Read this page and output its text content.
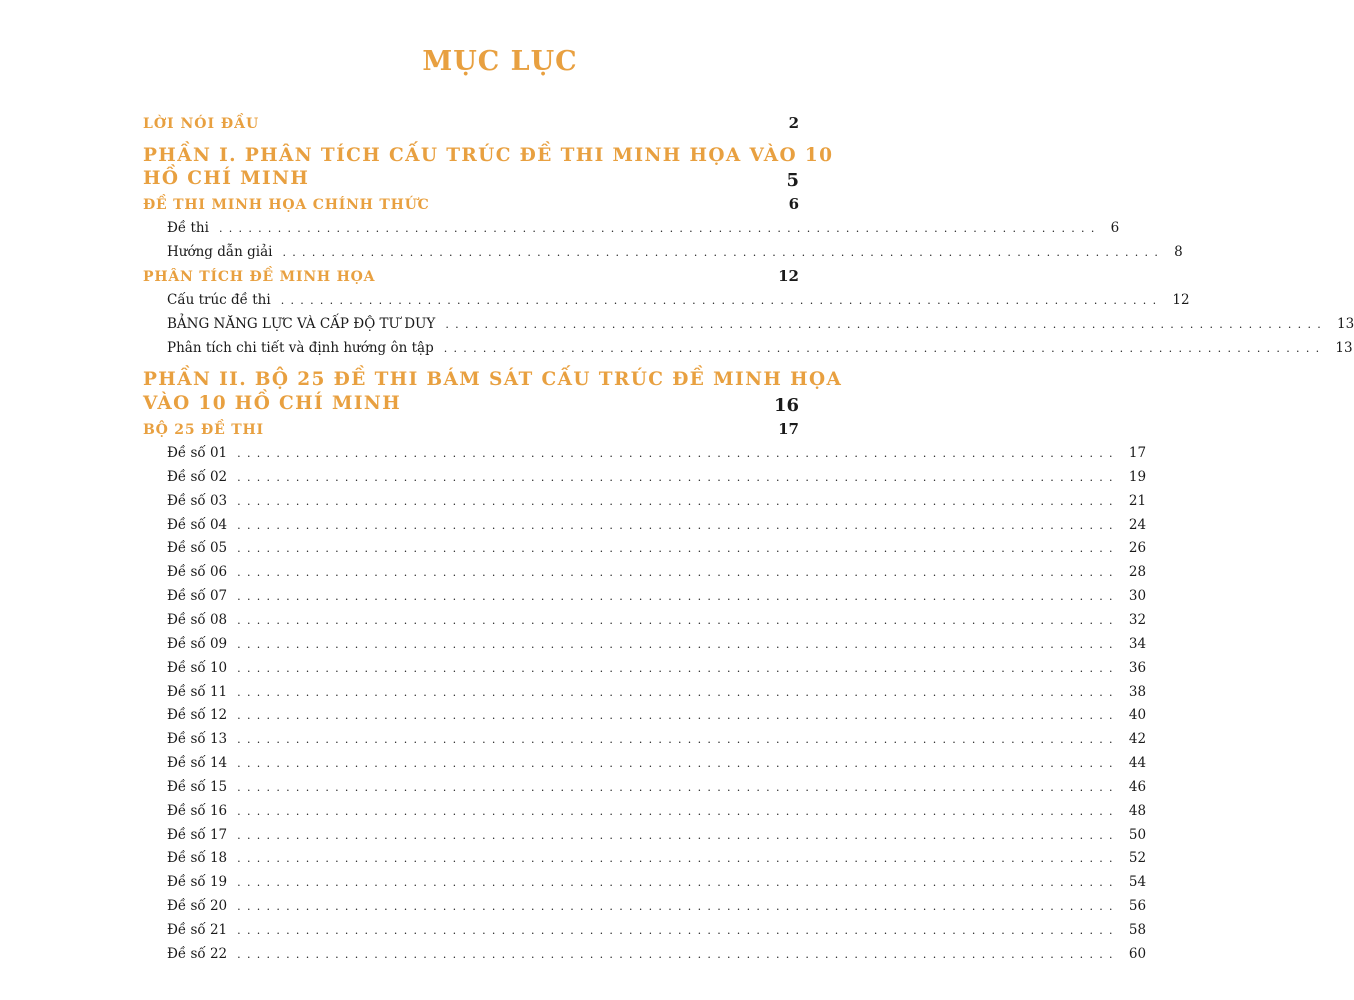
MỤC LỤC
LỜI NÓI ĐẦU	2
PHẦN I. PHÂN TÍCH CẤU TRÚC ĐỀ THI MINH HỌA VÀO 10
HỒ CHÍ MINH	5
ĐỀ THI MINH HỌA CHÍNH THỨC	6
Đề thi .......................................................................................... 6
Hướng dẫn giải .......................................................................................... 8
PHÂN TÍCH ĐỀ MINH HỌA	12
Cấu trúc đề thi .......................................................................................... 12
BẢNG NĂNG LỰC VÀ CẤP ĐỘ TƯ DUY .......................................................................................... 13
Phân tích chi tiết và định hướng ôn tập .......................................................................................... 13
PHẦN II. BỘ 25 ĐỀ THI BÁM SÁT CẤU TRÚC ĐỀ MINH HỌA
VÀO 10 HỒ CHÍ MINH	16
BỘ 25 ĐỀ THI	17
Đề số 01 .......................................................................................... 17
Đề số 02 .......................................................................................... 19
Đề số 03 .......................................................................................... 21
Đề số 04 .......................................................................................... 24
Đề số 05 .......................................................................................... 26
Đề số 06 .......................................................................................... 28
Đề số 07 .......................................................................................... 30
Đề số 08 .......................................................................................... 32
Đề số 09 .......................................................................................... 34
Đề số 10 .......................................................................................... 36
Đề số 11 .......................................................................................... 38
Đề số 12 .......................................................................................... 40
Đề số 13 .......................................................................................... 42
Đề số 14 .......................................................................................... 44
Đề số 15 .......................................................................................... 46
Đề số 16 .......................................................................................... 48
Đề số 17 .......................................................................................... 50
Đề số 18 .......................................................................................... 52
Đề số 19 .......................................................................................... 54
Đề số 20 .......................................................................................... 56
Đề số 21 .......................................................................................... 58
Đề số 22 .......................................................................................... 60
